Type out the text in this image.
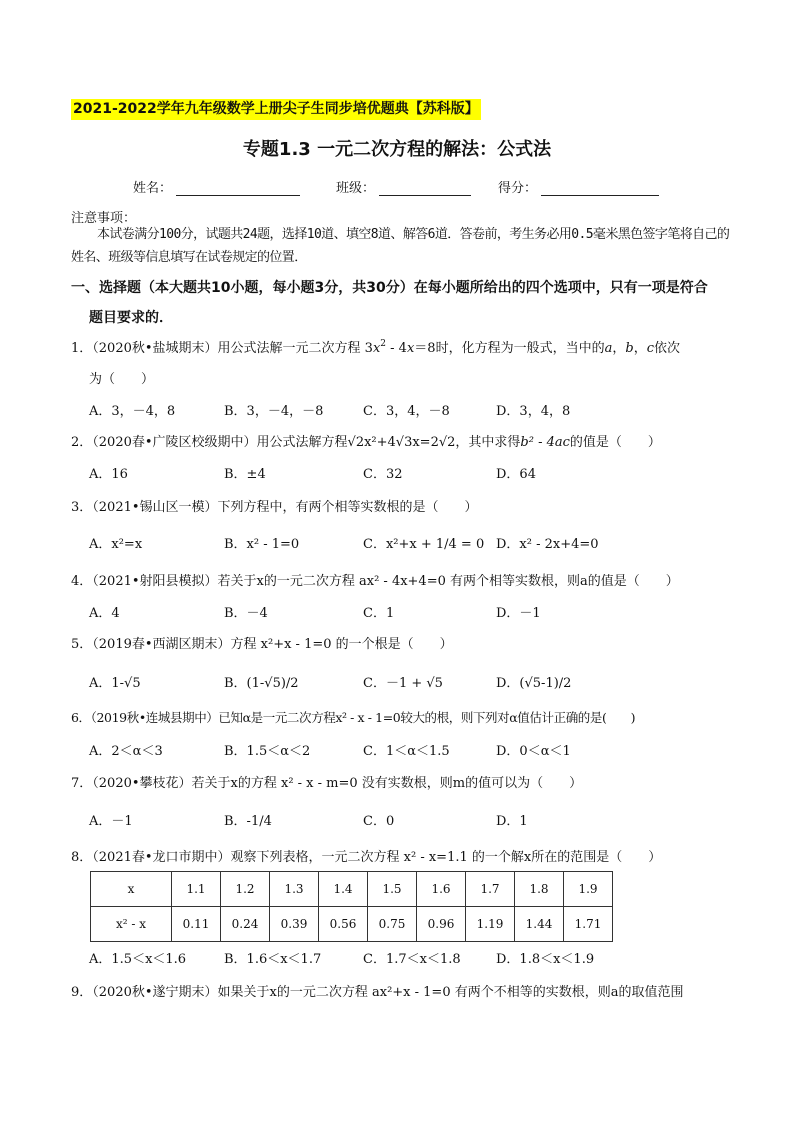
2021-2022学年九年级数学上册尖子生同步培优题典【苏科版】
专题1.3 一元二次方程的解法：公式法
姓名：	班级：	得分：
注意事项：
本试卷满分100分，试题共24题，选择10道、填空8道、解答6道．答卷前，考生务必用0.5毫米黑色签字笔将自己的姓名、班级等信息填写在试卷规定的位置．
一、选择题（本大题共10小题，每小题3分，共30分）在每小题所给出的四个选项中，只有一项是符合
题目要求的．
1．（2020秋•盐城期末）用公式法解一元二次方程 $3x^2 - 4x=8$时，化方程为一般式，当中的a，b，c依次
为（　　）
A．3，－4，8	B．3，－4，－8	C．3，4，－8	D．3，4，8
2．（2020春•广陵区校级期中）用公式法解方程√2x²+4√3x=2√2，其中求得b² - 4ac的值是（　　）
A．16	B．±4	C．32	D．64
3．（2021•锡山区一模）下列方程中，有两个相等实数根的是（　　）
A．x²=x	B．x² - 1=0	C．x²+x + 1/4 = 0 D．x² - 2x+4=0
4．（2021•射阳县模拟）若关于x的一元二次方程 ax² - 4x+4=0 有两个相等实数根，则a的值是（　　）
A．4	B．－4	C．1	D．－1
5．（2019春•西湖区期末）方程 x²+x - 1=0 的一个根是（　　）
A．1-√5	B．(1-√5)/2	C．－1 + √5	D．(√5-1)/2
6．（2019秋•连城县期中）已知α是一元二次方程x² - x - 1=0较大的根，则下列对α值估计正确的是(　　)
A．2＜α＜3	B．1.5＜α＜2	C．1＜α＜1.5	D．0＜α＜1
7．（2020•攀枝花）若关于x的方程 x² - x - m=0 没有实数根，则m的值可以为（　　）
A．－1	B．-1/4	C．0	D．1
8．（2021春•龙口市期中）观察下列表格，一元二次方程 x² - x=1.1 的一个解x所在的范围是（　　）
x	1.1	1.2	1.3	1.4	1.5	1.6	1.7	1.8	1.9
x² - x	0.11	0.24	0.39	0.56	0.75	0.96	1.19	1.44	1.71
A．1.5＜x＜1.6	B．1.6＜x＜1.7	C．1.7＜x＜1.8	D．1.8＜x＜1.9
9．（2020秋•遂宁期末）如果关于x的一元二次方程 ax²+x - 1=0 有两个不相等的实数根，则a的取值范围
